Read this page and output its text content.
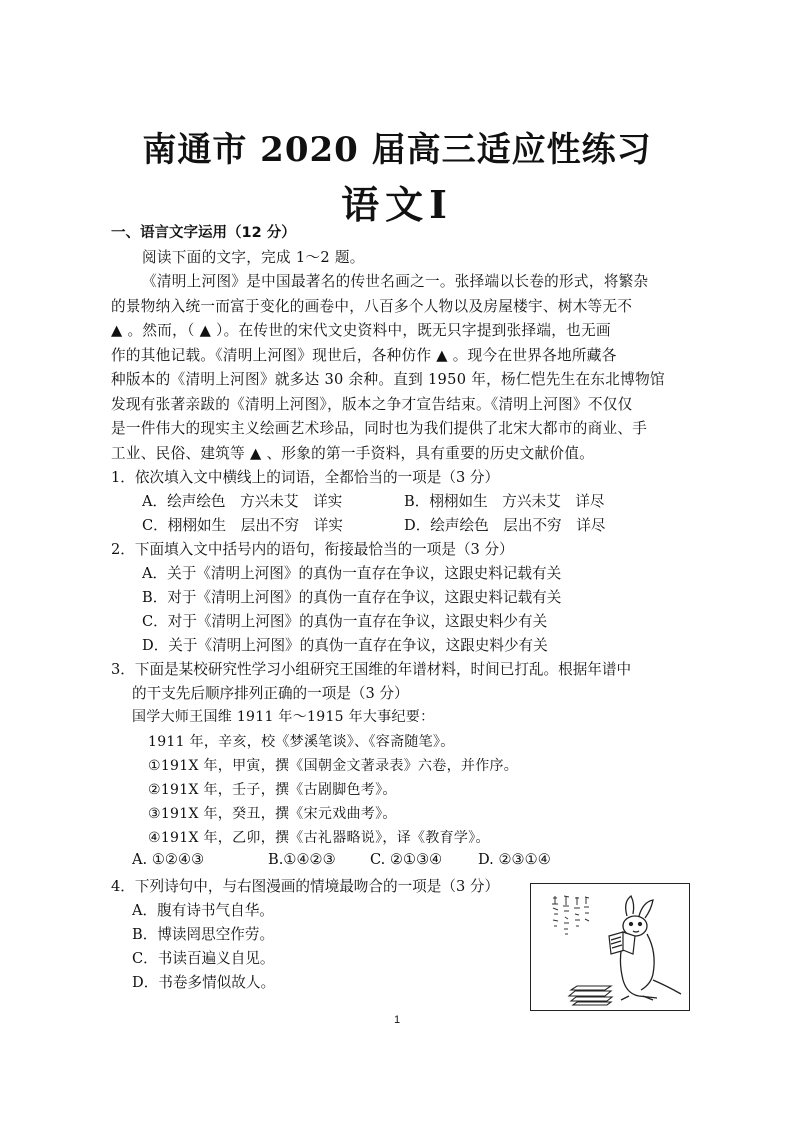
南通市 2020 届高三适应性练习
语文Ⅰ
一、语言文字运用（12 分）
阅读下面的文字，完成 1～2 题。
《清明上河图》是中国最著名的传世名画之一。张择端以长卷的形式，将繁杂
的景物纳入统一而富于变化的画卷中，八百多个人物以及房屋楼宇、树木等无不
▲ 。然而，（ ▲ ）。在传世的宋代文史资料中，既无只字提到张择端，也无画
作的其他记载。《清明上河图》现世后，各种仿作 ▲ 。现今在世界各地所藏各
种版本的《清明上河图》就多达 30 余种。直到 1950 年，杨仁恺先生在东北博物馆
发现有张著亲跋的《清明上河图》，版本之争才宣告结束。《清明上河图》不仅仅
是一件伟大的现实主义绘画艺术珍品，同时也为我们提供了北宋大都市的商业、手
工业、民俗、建筑等 ▲ 、形象的第一手资料，具有重要的历史文献价值。
1．依次填入文中横线上的词语，全都恰当的一项是（3 分）
A．绘声绘色　方兴未艾　详实	B．栩栩如生　方兴未艾　详尽
C．栩栩如生　层出不穷　详实	D．绘声绘色　层出不穷　详尽
2．下面填入文中括号内的语句，衔接最恰当的一项是（3 分）
A．关于《清明上河图》的真伪一直存在争议，这跟史料记载有关
B．对于《清明上河图》的真伪一直存在争议，这跟史料记载有关
C．对于《清明上河图》的真伪一直存在争议，这跟史料少有关
D．关于《清明上河图》的真伪一直存在争议，这跟史料少有关
3．下面是某校研究性学习小组研究王国维的年谱材料，时间已打乱。根据年谱中
的干支先后顺序排列正确的一项是（3 分）
国学大师王国维 1911 年～1915 年大事纪要：
1911 年，辛亥，校《梦溪笔谈》、《容斋随笔》。
①191X 年，甲寅，撰《国朝金文著录表》六卷，并作序。
②191X 年，壬子，撰《古剧脚色考》。
③191X 年，癸丑，撰《宋元戏曲考》。
④191X 年，乙卯，撰《古礼器略说》，译《教育学》。
A. ①②④③	B.①④②③ C. ②①③④ D. ②③①④
4．下列诗句中，与右图漫画的情境最吻合的一项是（3 分）
A．腹有诗书气自华。
B．博读罔思空作劳。
C．书读百遍义自见。
D．书卷多情似故人。
1
